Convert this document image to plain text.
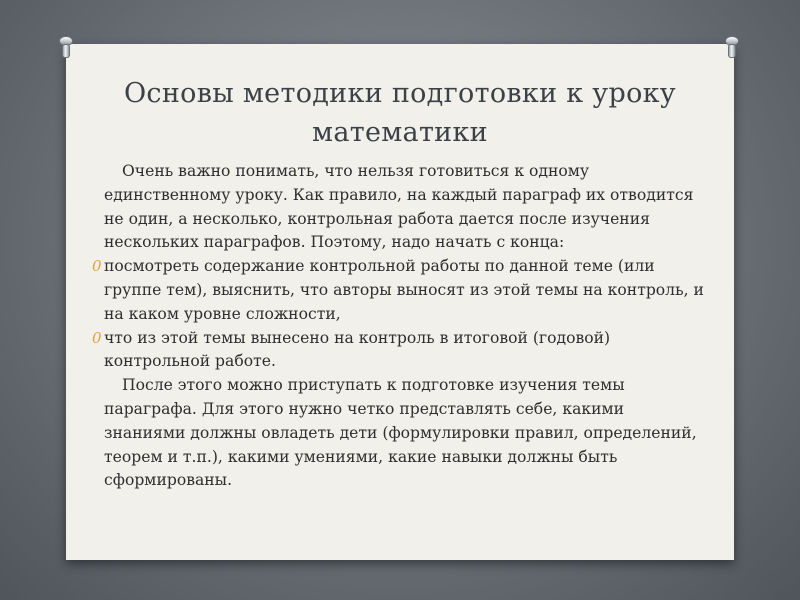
Основы методики подготовки к уроку математики

Очень важно понимать, что нельзя готовиться к одному единственному уроку. Как правило, на каждый параграф их отводится не один, а несколько, контрольная работа дается после изучения нескольких параграфов. Поэтому, надо начать с конца:

0 посмотреть содержание контрольной работы по данной теме (или группе тем), выяснить, что авторы выносят из этой темы на контроль, и на каком уровне сложности,

0 что из этой темы вынесено на контроль в итоговой (годовой) контрольной работе.

После этого можно приступать к подготовке изучения темы параграфа. Для этого нужно четко представлять себе, какими знаниями должны овладеть дети (формулировки правил, определений, теорем и т.п.), какими умениями, какие навыки должны быть сформированы.
